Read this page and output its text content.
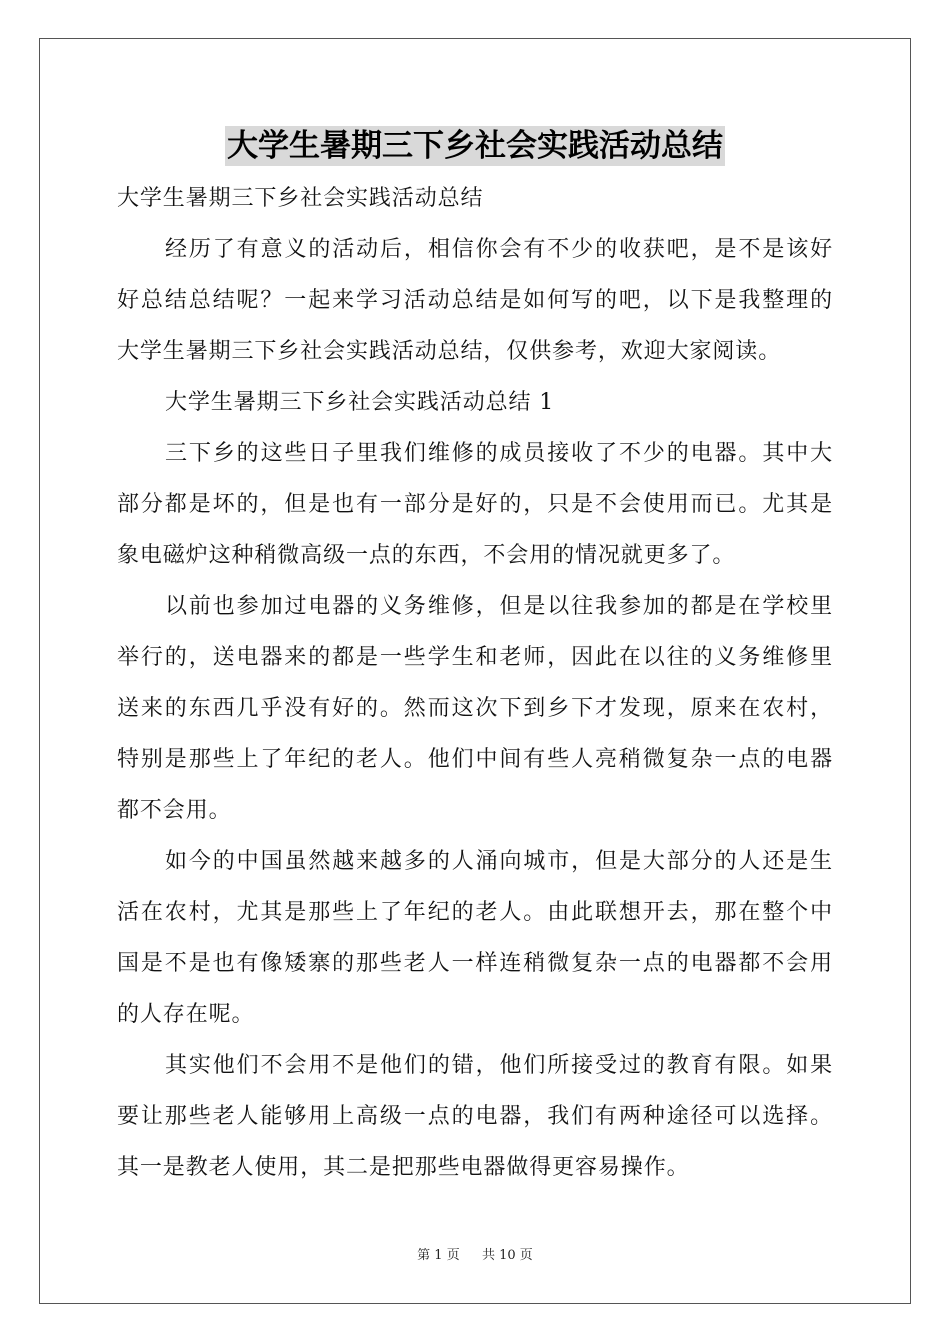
大学生暑期三下乡社会实践活动总结
大学生暑期三下乡社会实践活动总结
经历了有意义的活动后，相信你会有不少的收获吧，是不是该好
好总结总结呢？一起来学习活动总结是如何写的吧，以下是我整理的
大学生暑期三下乡社会实践活动总结，仅供参考，欢迎大家阅读。
大学生暑期三下乡社会实践活动总结 1
三下乡的这些日子里我们维修的成员接收了不少的电器。其中大
部分都是坏的，但是也有一部分是好的，只是不会使用而已。尤其是
象电磁炉这种稍微高级一点的东西，不会用的情况就更多了。
以前也参加过电器的义务维修，但是以往我参加的都是在学校里
举行的，送电器来的都是一些学生和老师，因此在以往的义务维修里
送来的东西几乎没有好的。然而这次下到乡下才发现，原来在农村，
特别是那些上了年纪的老人。他们中间有些人亮稍微复杂一点的电器
都不会用。
如今的中国虽然越来越多的人涌向城市，但是大部分的人还是生
活在农村，尤其是那些上了年纪的老人。由此联想开去，那在整个中
国是不是也有像矮寨的那些老人一样连稍微复杂一点的电器都不会用
的人存在呢。
其实他们不会用不是他们的错，他们所接受过的教育有限。如果
要让那些老人能够用上高级一点的电器，我们有两种途径可以选择。
其一是教老人使用，其二是把那些电器做得更容易操作。
第 1 页 共 10 页
